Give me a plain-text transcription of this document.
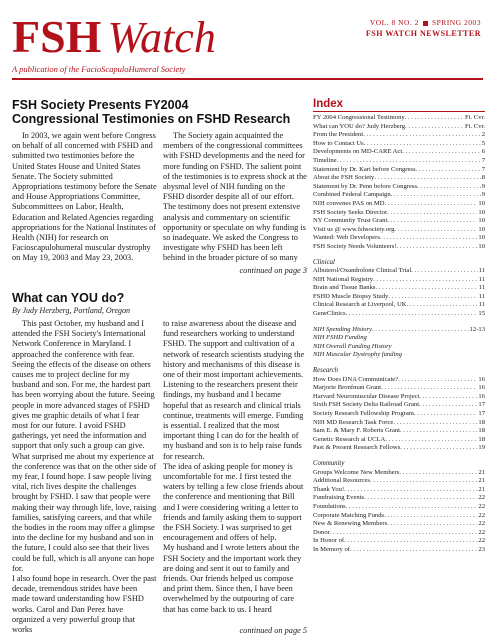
FSH Watch
A publication of the FacioScapuloHumeral Society
VOL. 8 NO. 2 SPRING 2003
FSH WATCH NEWSLETTER
FSH Society Presents FY2004
Congressional Testimonies on FSHD Research
In 2003, we again went before Congress on behalf of all concerned with FSHD and submitted two testimonies before the United States House and United States Senate. The Society submitted Appropriations testimony before the Senate and House Appropriations Committee, Subcommittees on Labor, Health, Education and Related Agencies regarding appropriations for the National Institutes of Health (NIH) for research on Facioscapulohumeral muscular dystrophy on May 19, 2003 and May 23, 2003.
The Society again acquainted the members of the congressional committees with FSHD developments and the need for more funding on FSHD. The salient point of the testimonies is to express shock at the abysmal level of NIH funding on the FSHD disorder despite all of our effort. The testimony does not present extensive analysis and commentary on scientific opportunity or speculate on why funding is so inadequate. We asked the Congress to investigate why FSHD has been left behind in the broader picture of so many
continued on page 3
What can YOU do?
By Judy Herzberg, Portland, Oregon
This past October, my husband and I attended the FSH Society's International Network Conference in Maryland. I approached the conference with fear. Seeing the effects of the disease on others causes me to project decline for my husband and son. For me, the hardest part has been worrying about the future. Seeing people in more advanced stages of FSHD gives me graphic details of what I fear most for our future. I avoid FSHD gatherings, yet need the information and support that only such a group can give. What surprised me about my experience at the conference was that on the other side of my fear, I found hope. I saw people living vital, rich lives despite the challenges brought by FSHD. I saw that people were making their way through life, love, raising families, satisfying careers, and that while the bodies in the room may offer a glimpse into the decline for my husband and son in the future, I could also see that their lives could be full, which is all anyone can hope for.
I also found hope in research. Over the past decade, tremendous strides have been made toward understanding how FSHD works. Carol and Dan Perez have organized a very powerful group that works
to raise awareness about the disease and fund researchers working to understand FSHD. The support and cultivation of a network of research scientists studying the history and mechanisms of this disease is one of their most important achievements. Listening to the researchers present their findings, my husband and I became hopeful that as research and clinical trials continue, treatments will emerge. Funding is essential. I realized that the most important thing I can do for the health of my husband and son is to help raise funds for research.
The idea of asking people for money is uncomfortable for me. I first tested the waters by telling a few close friends about the conference and mentioning that Bill and I were considering writing a letter to friends and family asking them to support the FSH Society. I was surprised to get encouragement and offers of help.
My husband and I wrote letters about the FSH Society and the important work they are doing and sent it out to family and friends. Our friends helped us compose and print them. Since then, I have been overwhelmed by the outpouring of care that has come back to us. I heard
continued on page 5
Index
FY 2004 Congressional Testimony . . .	Ft. Cvr.
What can YOU do? Judy Herzberg . . .	Ft. Cvr.
From the President . . .	2
How to Contact Us . . .	5
Developments on MD-CARE Act . . .	6
Timeline . . .	7
Statement by Dr. Kari before Congress . . .	7
About the FSH Society . . .	8
Statement by Dr. Penn before Congress . . .	9
Combined Federal Campaign . . .	9
NIH convenes PAS on MD . . .	10
FSH Society Seeks Director . . .	10
NY Community Trust Grant . . .	10
Visit us @ www.fshsociety.org . . .	10
Wanted: Web Developers . . .	10
FSH Society Needs Volunteers! . . .	10
Clinical
Albuterol/Oxandrolone Clinical Trial . . .	11
NIH National Registry . . .	11
Brain and Tissue Banks . . .	11
FSHD Muscle Biopsy Study . . .	11
Clinical Research at Liverpool, UK . . .	11
GeneClinics . . .	15
NIH Spending History . . .	12-13
NIH FSHD Funding
NIH Overall Funding History
NIH Muscular Dystrophy funding
Research
How Does DNA Communicate? . . .	16
Marjorie Bronfman Grant . . .	16
Harvard Neuromuscular Disease Project . . .	16
Sixth FSH Society Delta Railroad Grant . . .	17
Society Research Fellowship Program . . .	17
NIH MD Research Task Force . . .	18
Sam E. & Mary F. Roberts Grant . . .	18
Genetic Research at UCLA . . .	18
Past & Present Research Fellows . . .	19
Community
Groups Welcome New Members . . .	21
Additional Resources . . .	21
Thank You! . . .	21
Fundraising Events . . .	22
Foundations . . .	22
Corporate Matching Funds . . .	22
New & Renewing Members . . .	22
Donor . . .	22
In Honor of . . .	22
In Memory of . . .	23
